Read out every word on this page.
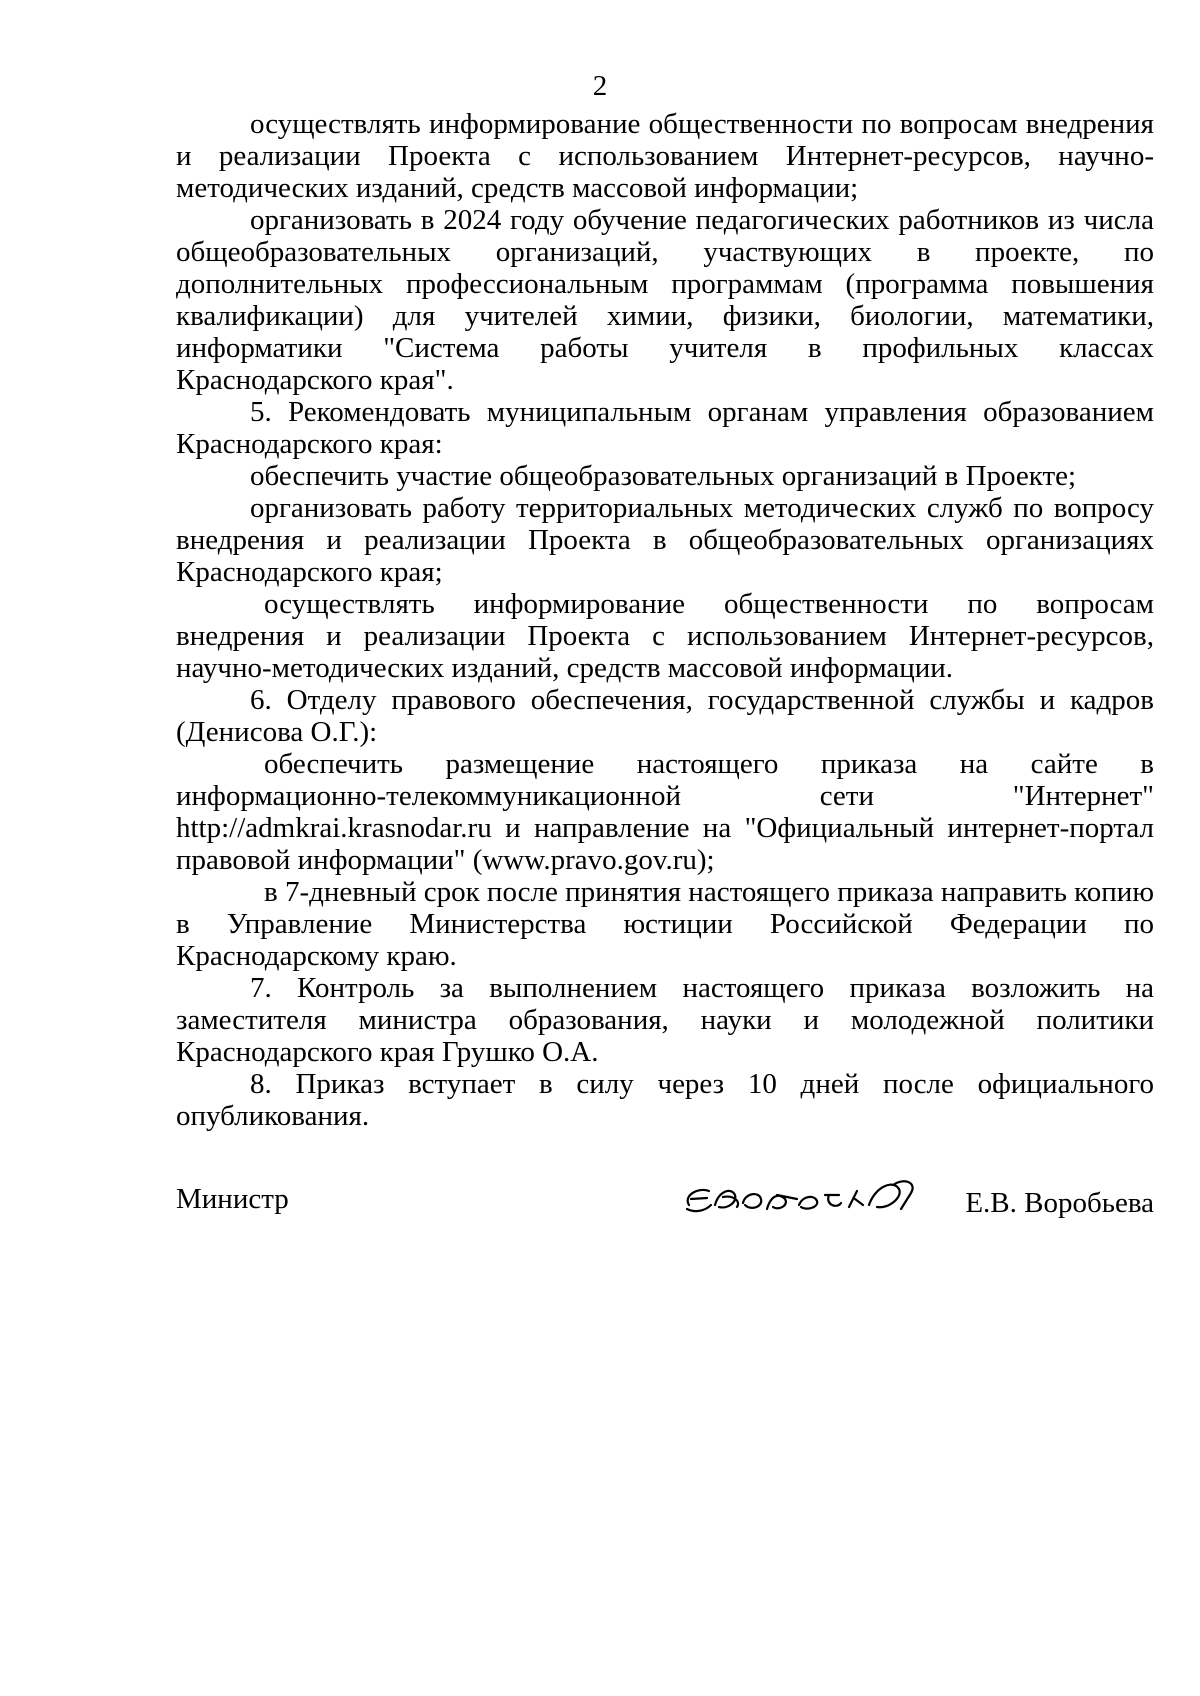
2

осуществлять информирование общественности по вопросам внедрения и реализации Проекта с использованием Интернет-ресурсов, научно-методических изданий, средств массовой информации;

организовать в 2024 году обучение педагогических работников из числа общеобразовательных организаций, участвующих в проекте, по дополнительных профессиональным программам (программа повышения квалификации) для учителей химии, физики, биологии, математики, информатики "Система работы учителя в профильных классах Краснодарского края".

5. Рекомендовать муниципальным органам управления образованием Краснодарского края:

обеспечить участие общеобразовательных организаций в Проекте;

организовать работу территориальных методических служб по вопросу внедрения и реализации Проекта в общеобразовательных организациях Краснодарского края;

осуществлять информирование общественности по вопросам внедрения и реализации Проекта с использованием Интернет-ресурсов, научно-методических изданий, средств массовой информации.

6. Отделу правового обеспечения, государственной службы и кадров (Денисова О.Г.):

обеспечить размещение настоящего приказа на сайте в информационно-телекоммуникационной сети "Интернет" http://admkrai.krasnodar.ru и направление на "Официальный интернет-портал правовой информации" (www.pravo.gov.ru);

в 7-дневный срок после принятия настоящего приказа направить копию в Управление Министерства юстиции Российской Федерации по Краснодарскому краю.

7. Контроль за выполнением настоящего приказа возложить на заместителя министра образования, науки и молодежной политики Краснодарского края Грушко О.А.

8. Приказ вступает в силу через 10 дней после официального опубликования.

Министр	Е.В. Воробьева
